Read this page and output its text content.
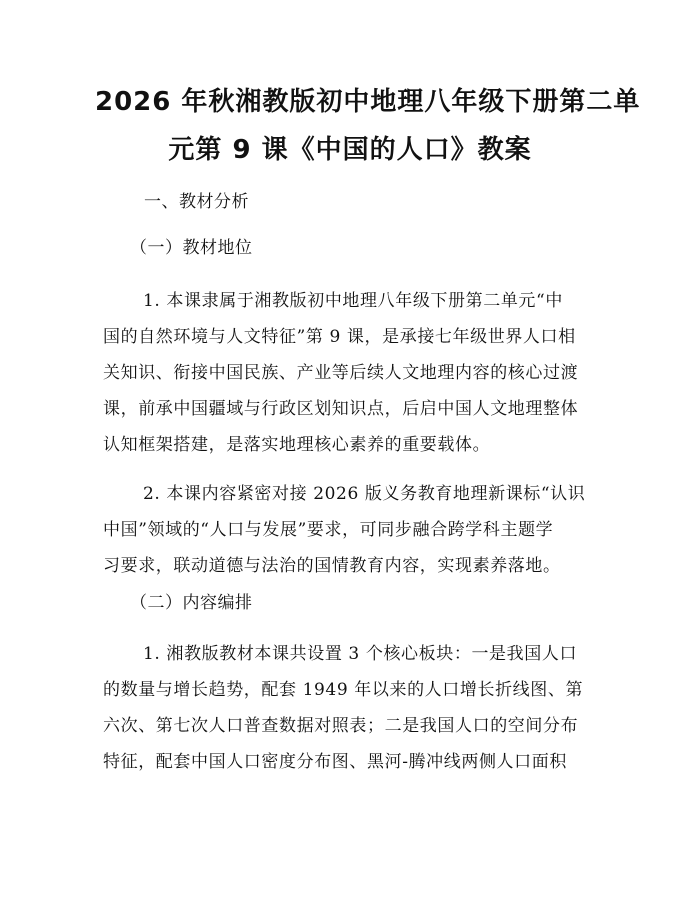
2026 年秋湘教版初中地理八年级下册第二单
元第 9 课《中国的人口》教案
一、教材分析
（一）教材地位
1. 本课隶属于湘教版初中地理八年级下册第二单元“中
国的自然环境与人文特征”第 9 课，是承接七年级世界人口相
关知识、衔接中国民族、产业等后续人文地理内容的核心过渡
课，前承中国疆域与行政区划知识点，后启中国人文地理整体
认知框架搭建，是落实地理核心素养的重要载体。
2. 本课内容紧密对接 2026 版义务教育地理新课标“认识
中国”领域的“人口与发展”要求，可同步融合跨学科主题学
习要求，联动道德与法治的国情教育内容，实现素养落地。
（二）内容编排
1. 湘教版教材本课共设置 3 个核心板块：一是我国人口
的数量与增长趋势，配套 1949 年以来的人口增长折线图、第
六次、第七次人口普查数据对照表；二是我国人口的空间分布
特征，配套中国人口密度分布图、黑河-腾冲线两侧人口面积
